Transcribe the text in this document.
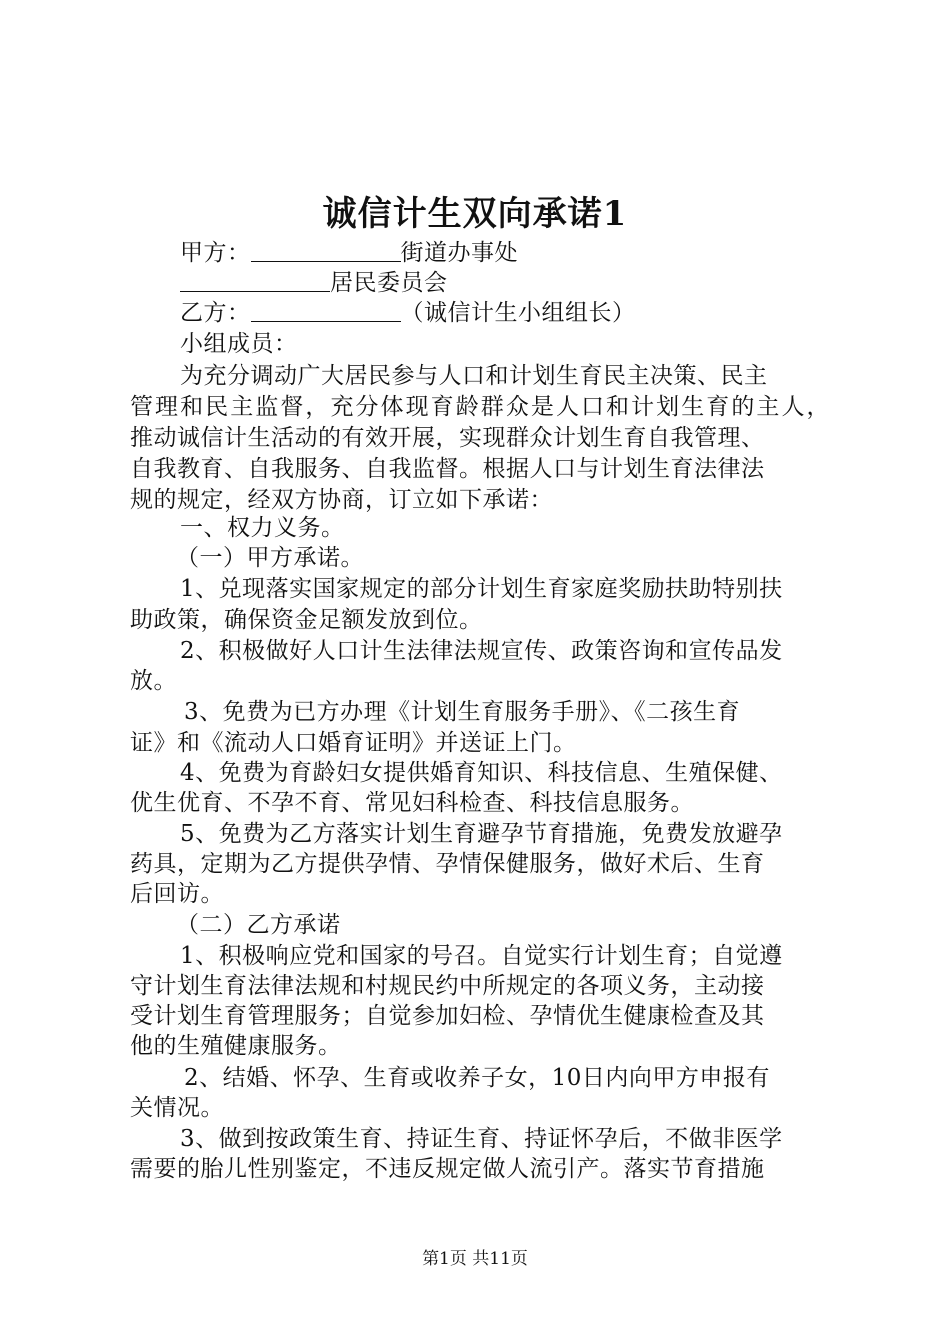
诚信计生双向承诺1
甲方：	街道办事处
居民委员会
乙方：	（诚信计生小组组长）
小组成员：
为充分调动广大居民参与人口和计划生育民主决策、民主
管理和民主监督，充分体现育龄群众是人口和计划生育的主人，
推动诚信计生活动的有效开展，实现群众计划生育自我管理、
自我教育、自我服务、自我监督。根据人口与计划生育法律法
规的规定，经双方协商，订立如下承诺：
一、权力义务。
（一）甲方承诺。
1、兑现落实国家规定的部分计划生育家庭奖励扶助特别扶
助政策，确保资金足额发放到位。
2、积极做好人口计生法律法规宣传、政策咨询和宣传品发
放。
3、免费为已方办理《计划生育服务手册》、《二孩生育
证》和《流动人口婚育证明》并送证上门。
4、免费为育龄妇女提供婚育知识、科技信息、生殖保健、
优生优育、不孕不育、常见妇科检查、科技信息服务。
5、免费为乙方落实计划生育避孕节育措施，免费发放避孕
药具，定期为乙方提供孕情、孕情保健服务，做好术后、生育
后回访。
（二）乙方承诺
1、积极响应党和国家的号召。自觉实行计划生育；自觉遵
守计划生育法律法规和村规民约中所规定的各项义务，主动接
受计划生育管理服务；自觉参加妇检、孕情优生健康检查及其
他的生殖健康服务。
2、结婚、怀孕、生育或收养子女，10日内向甲方申报有
关情况。
3、做到按政策生育、持证生育、持证怀孕后，不做非医学
需要的胎儿性别鉴定，不违反规定做人流引产。落实节育措施
第1页 共11页
